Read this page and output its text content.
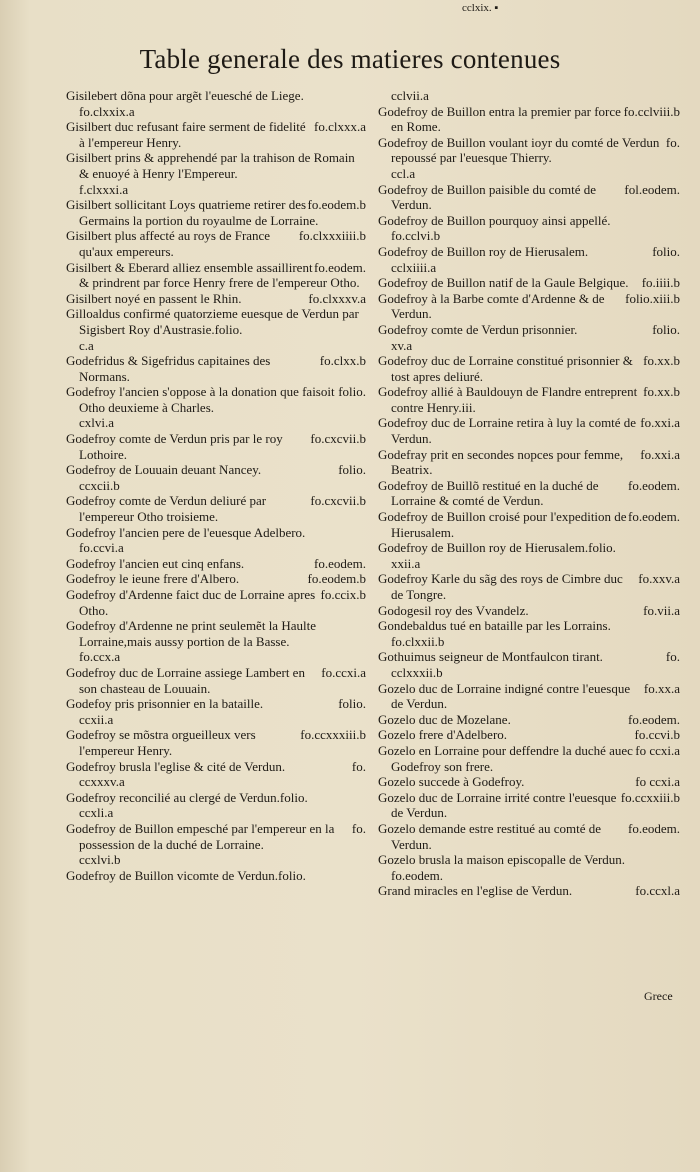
cclxix. ▪
Table generale des matieres contenues
Gisilebert dõna pour argẽt l'euesché de Liege.
fo.clxxix.a
fo.clxxx.a
Gisilbert duc refusant faire serment de fidelité à l'empereur Henry.
Gisilbert prins & apprehendé par la trahison de Romain & enuoyé à Henry l'Empereur.
f.clxxxi.a
fo.eodem.b
Gisilbert sollicitant Loys quatrieme retirer des Germains la portion du royaulme de Lorraine.
fo.clxxxiiii.b
Gisilbert plus affecté au roys de France qu'aux empereurs.
fo.eodem.
Gisilbert & Eberard alliez ensemble assaillirent & prindrent par force Henry frere de l'empereur Otho.
fo.clxxxv.a
Gisilbert noyé en passent le Rhin.
Gilloaldus confirmé quatorzieme euesque de Verdun par Sigisbert Roy d'Austrasie.folio.
c.a
fo.clxx.b
Godefridus & Sigefridus capitaines des Normans.
folio.
Godefroy l'ancien s'oppose à la donation que faisoit Otho deuxieme à Charles.
cxlvi.a
fo.cxcvii.b
Godefroy comte de Verdun pris par le roy Lothoire.
folio.
Godefroy de Louuain deuant Nancey.
ccxcii.b
fo.cxcvii.b
Godefroy comte de Verdun deliuré par l'empereur Otho troisieme.
Godefroy l'ancien pere de l'euesque Adelbero.
fo.ccvi.a
fo.eodem.
Godefroy l'ancien eut cinq enfans.
fo.eodem.b
Godefroy le ieune frere d'Albero.
fo.ccix.b
Godefroy d'Ardenne faict duc de Lorraine apres Otho.
Godefroy d'Ardenne ne print seulemẽt la Haulte Lorraine,mais aussy portion de la Basse.
fo.ccx.a
fo.ccxi.a
Godefroy duc de Lorraine assiege Lambert en son chasteau de Louuain.
folio.
Godefoy pris prisonnier en la bataille.
ccxii.a
fo.ccxxxiii.b
Godefroy se mõstra orgueilleux vers l'empereur Henry.
fo.
Godefroy brusla l'eglise & cité de Verdun.
ccxxxv.a
Godefroy reconcilié au clergé de Verdun.folio.
ccxli.a
fo.
Godefroy de Buillon empesché par l'empereur en la possession de la duché de Lorraine.
ccxlvi.b
Godefroy de Buillon vicomte de Verdun.folio.
cclvii.a
fo.cclviii.b
Godefroy de Buillon entra la premier par force en Rome.
fo.
Godefroy de Buillon voulant ioyr du comté de Verdun repoussé par l'euesque Thierry.
ccl.a
fol.eodem.
Godefroy de Buillon paisible du comté de Verdun.
Godefroy de Buillon pourquoy ainsi appellé.
fo.cclvi.b
folio.
Godefroy de Buillon roy de Hierusalem.
cclxiiii.a
fo.iiii.b
Godefroy de Buillon natif de la Gaule Belgique.
folio.xiii.b
Godefroy à la Barbe comte d'Ardenne & de Verdun.
folio.
Godefroy comte de Verdun prisonnier.
xv.a
fo.xx.b
Godefroy duc de Lorraine constitué prisonnier & tost apres deliuré.
fo.xx.b
Godefroy allié à Bauldouyn de Flandre entreprent contre Henry.iii.
fo.xxi.a
Godefroy duc de Lorraine retira à luy la comté de Verdun.
fo.xxi.a
Godefray prit en secondes nopces pour femme, Beatrix.
fo.eodem.
Godefroy de Buillõ restitué en la duché de Lorraine & comté de Verdun.
fo.eodem.
Godefroy de Buillon croisé pour l'expedition de Hierusalem.
Godefroy de Buillon roy de Hierusalem.folio.
xxii.a
fo.xxv.a
Godefroy Karle du sãg des roys de Cimbre duc de Tongre.
fo.vii.a
Godogesil roy des Vvandelz.
Gondebaldus tué en bataille par les Lorrains.
fo.clxxii.b
fo.
Gothuimus seigneur de Montfaulcon tirant.
cclxxxii.b
fo.xx.a
Gozelo duc de Lorraine indigné contre l'euesque de Verdun.
fo.eodem.
Gozelo duc de Mozelane.
fo.ccvi.b
Gozelo frere d'Adelbero.
fo ccxi.a
Gozelo en Lorraine pour deffendre la duché auec Godefroy son frere.
fo ccxi.a
Gozelo succede à Godefroy.
fo.ccxxiii.b
Gozelo duc de Lorraine irrité contre l'euesque de Verdun.
fo.eodem.
Gozelo demande estre restitué au comté de Verdun.
Gozelo brusla la maison episcopalle de Verdun.
fo.eodem.
fo.ccxl.a
Grand miracles en l'eglise de Verdun.
Grece
